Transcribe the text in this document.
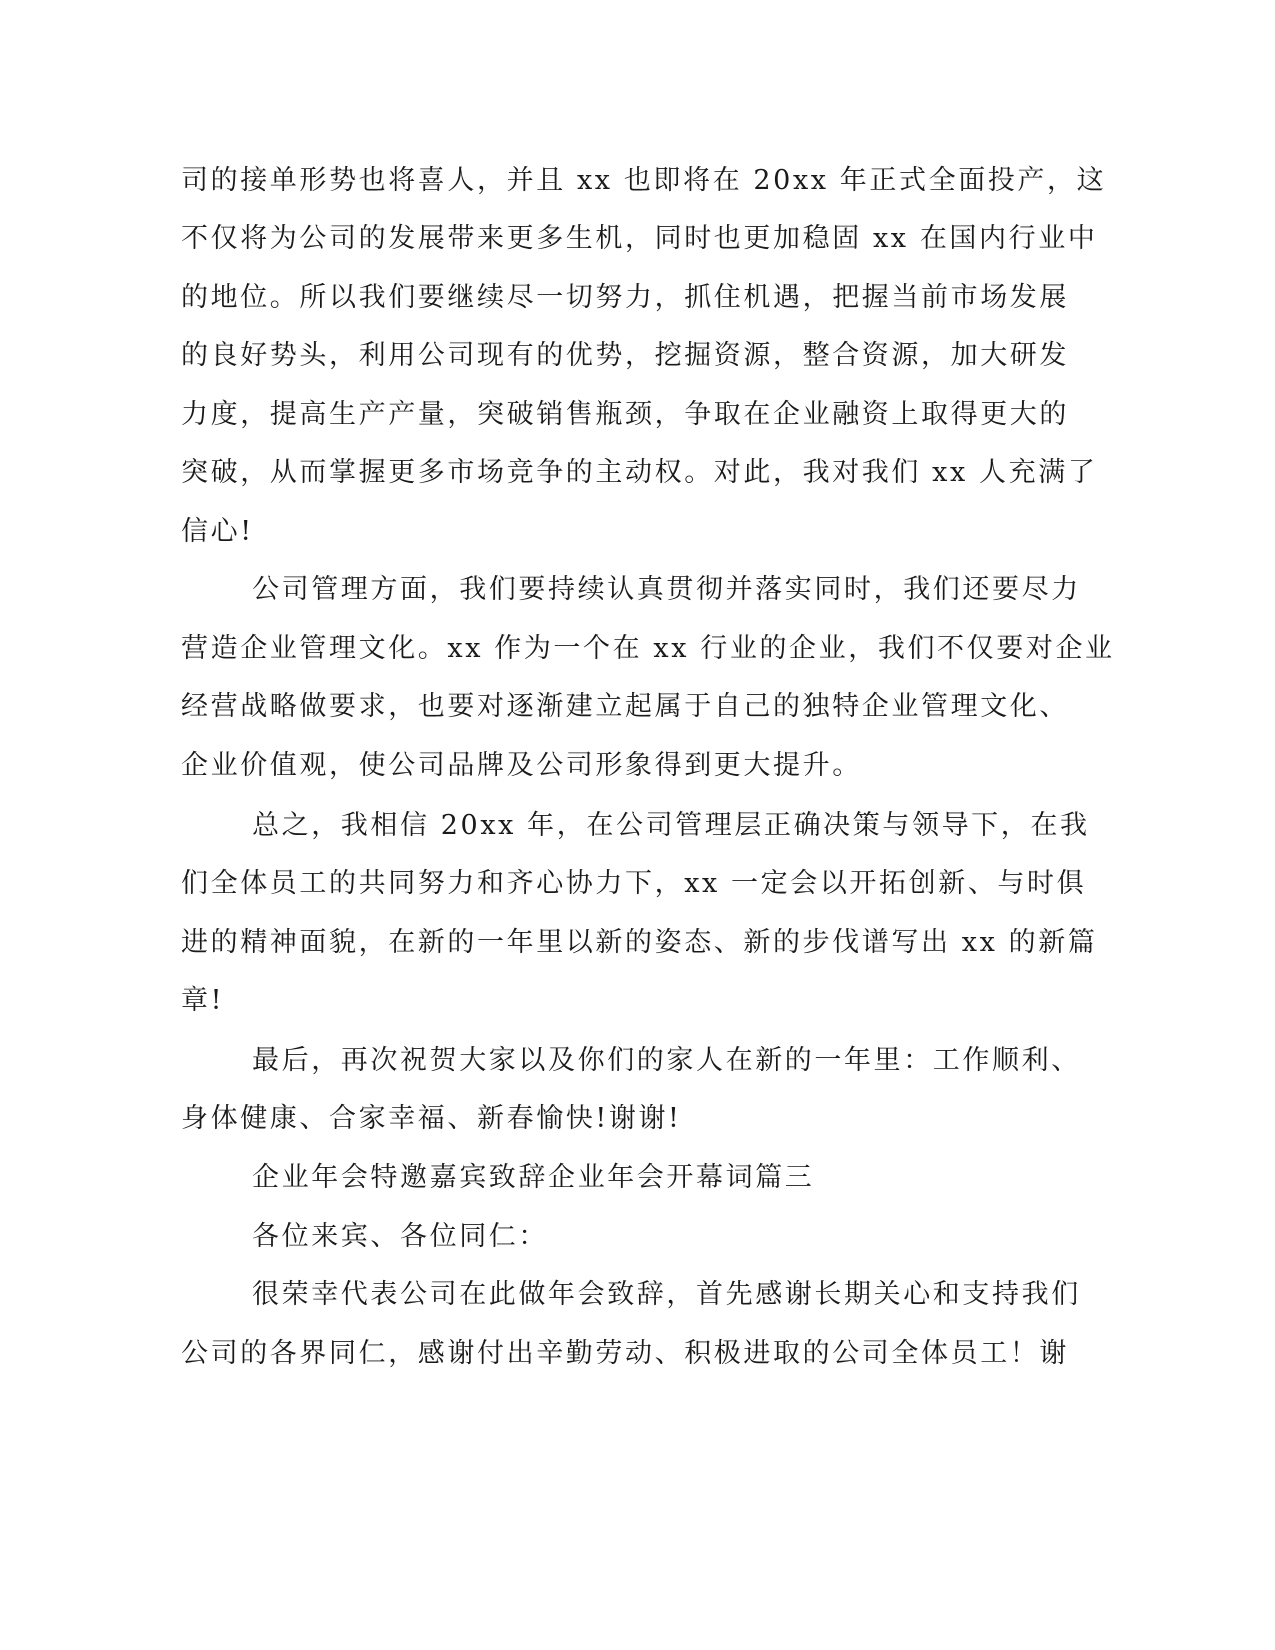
司的接单形势也将喜人，并且 xx 也即将在 20xx 年正式全面投产，这

不仅将为公司的发展带来更多生机，同时也更加稳固 xx 在国内行业中

的地位。所以我们要继续尽一切努力，抓住机遇，把握当前市场发展

的良好势头，利用公司现有的优势，挖掘资源，整合资源，加大研发

力度，提高生产产量，突破销售瓶颈，争取在企业融资上取得更大的

突破，从而掌握更多市场竞争的主动权。对此，我对我们 xx 人充满了

信心!

公司管理方面，我们要持续认真贯彻并落实同时，我们还要尽力

营造企业管理文化。xx 作为一个在 xx 行业的企业，我们不仅要对企业

经营战略做要求，也要对逐渐建立起属于自己的独特企业管理文化、

企业价值观，使公司品牌及公司形象得到更大提升。

总之，我相信 20xx 年，在公司管理层正确决策与领导下，在我

们全体员工的共同努力和齐心协力下，xx 一定会以开拓创新、与时俱

进的精神面貌，在新的一年里以新的姿态、新的步伐谱写出 xx 的新篇

章!

最后，再次祝贺大家以及你们的家人在新的一年里：工作顺利、

身体健康、合家幸福、新春愉快!谢谢!

企业年会特邀嘉宾致辞企业年会开幕词篇三

各位来宾、各位同仁：

很荣幸代表公司在此做年会致辞，首先感谢长期关心和支持我们

公司的各界同仁，感谢付出辛勤劳动、积极进取的公司全体员工！谢
